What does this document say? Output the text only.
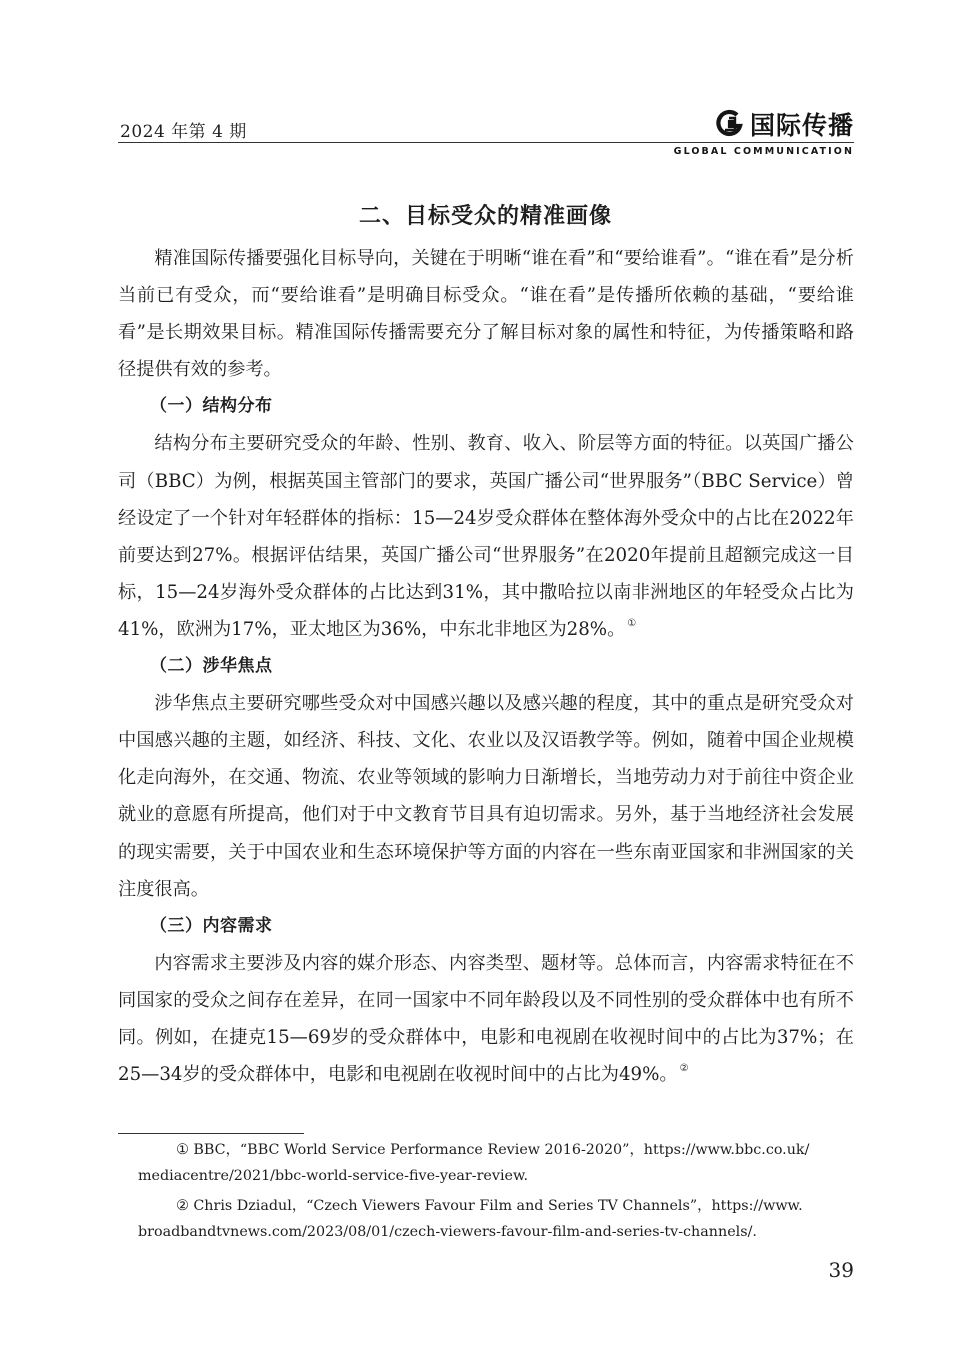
2024 年第 4 期	国际传播
GLOBAL COMMUNICATION
二、目标受众的精准画像

精准国际传播要强化目标导向，关键在于明晰“谁在看”和“要给谁看”。“谁在看”是分析当前已有受众，而“要给谁看”是明确目标受众。“谁在看”是传播所依赖的基础，“要给谁看”是长期效果目标。精准国际传播需要充分了解目标对象的属性和特征，为传播策略和路径提供有效的参考。

（一）结构分布

结构分布主要研究受众的年龄、性别、教育、收入、阶层等方面的特征。以英国广播公司（BBC）为例，根据英国主管部门的要求，英国广播公司“世界服务”（BBC Service）曾经设定了一个针对年轻群体的指标：15—24岁受众群体在整体海外受众中的占比在2022年前要达到27%。根据评估结果，英国广播公司“世界服务”在2020年提前且超额完成这一目标，15—24岁海外受众群体的占比达到31%，其中撒哈拉以南非洲地区的年轻受众占比为41%，欧洲为17%，亚太地区为36%，中东北非地区为28%。 ①

（二）涉华焦点

涉华焦点主要研究哪些受众对中国感兴趣以及感兴趣的程度，其中的重点是研究受众对中国感兴趣的主题，如经济、科技、文化、农业以及汉语教学等。例如，随着中国企业规模化走向海外，在交通、物流、农业等领域的影响力日渐增长，当地劳动力对于前往中资企业就业的意愿有所提高，他们对于中文教育节目具有迫切需求。另外，基于当地经济社会发展的现实需要，关于中国农业和生态环境保护等方面的内容在一些东南亚国家和非洲国家的关注度很高。

（三）内容需求

内容需求主要涉及内容的媒介形态、内容类型、题材等。总体而言，内容需求特征在不同国家的受众之间存在差异，在同一国家中不同年龄段以及不同性别的受众群体中也有所不同。例如，在捷克15—69岁的受众群体中，电影和电视剧在收视时间中的占比为37%；在25—34岁的受众群体中，电影和电视剧在收视时间中的占比为49%。 ②

① BBC，“BBC World Service Performance Review 2016-2020”，https://www.bbc.co.uk/
mediacentre/2021/bbc-world-service-five-year-review.

② Chris Dziadul，“Czech Viewers Favour Film and Series TV Channels”，https://www.
broadbandtvnews.com/2023/08/01/czech-viewers-favour-film-and-series-tv-channels/.

39
